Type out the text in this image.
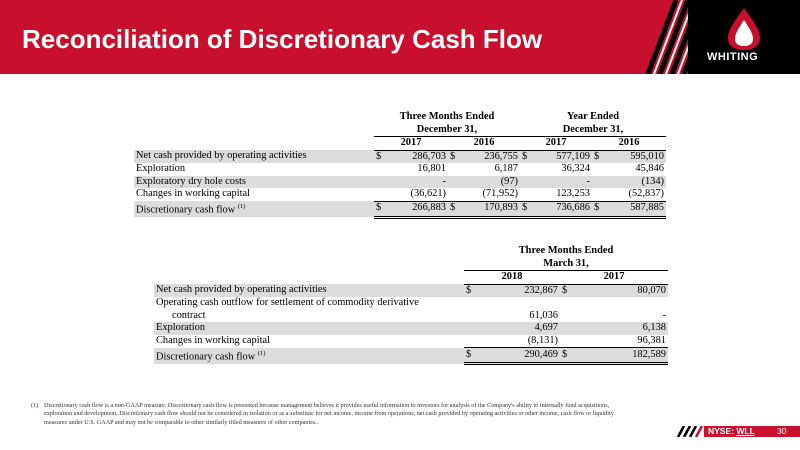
Reconciliation of Discretionary Cash Flow
WHITING
	Three Months Ended				Year Ended			
	December 31,				December 31,			
	2017		2016		2017		2016	
Net cash provided by operating activities	$	286,703	$	236,755	$	577,109	$	595,010
Exploration		16,801		6,187		36,324		45,846
Exploratory dry hole costs		-		(97)		-		(134)
Changes in working capital		(36,621)		(71,952)		123,253		(52,837)
Discretionary cash flow $^{(1)}$	$	266,883	$	170,893	$	736,686	$	587,885
	Three Months Ended			
	March 31,			
	2018		2017	
Net cash provided by operating activities	$	232,867	$	80,070
Operating cash outflow for settlement of commodity derivative				
contract		61,036		-
Exploration		4,697		6,138
Changes in working capital		(8,131)		96,381
Discretionary cash flow $^{(1)}$	$	290,469	$	182,589
(1) Discretionary cash flow is a non-GAAP measure. Discretionary cash flow is presented because management believes it provides useful information to investors for analysis of the Company's ability to internally fund acquisitions, exploration and development. Discretionary cash flow should not be considered in isolation or as a substitute for net income, income from operations, net cash provided by operating activities or other income, cash flow or liquidity measures under U.S. GAAP and may not be comparable to other similarly titled measures of other companies..
NYSE: WLL	30
